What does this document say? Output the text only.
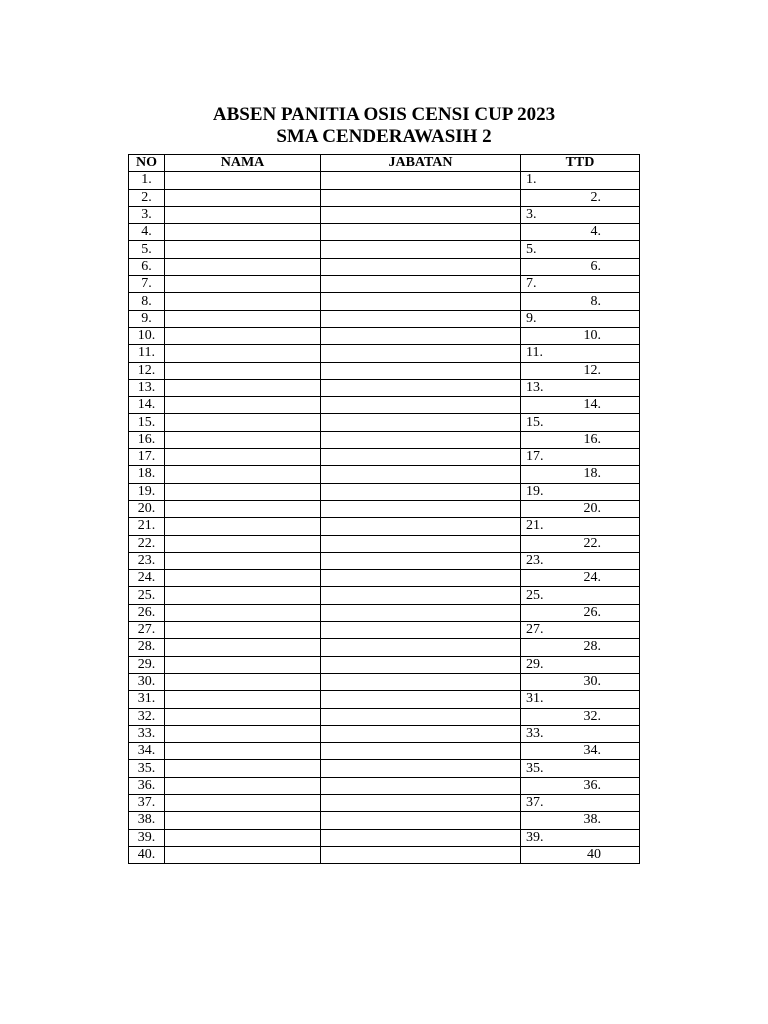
ABSEN PANITIA OSIS CENSI CUP 2023
SMA CENDERAWASIH 2
NO	NAMA	JABATAN	TTD
1.			1.
2.			2.
3.			3.
4.			4.
5.			5.
6.			6.
7.			7.
8.			8.
9.			9.
10.			10.
11.			11.
12.			12.
13.			13.
14.			14.
15.			15.
16.			16.
17.			17.
18.			18.
19.			19.
20.			20.
21.			21.
22.			22.
23.			23.
24.			24.
25.			25.
26.			26.
27.			27.
28.			28.
29.			29.
30.			30.
31.			31.
32.			32.
33.			33.
34.			34.
35.			35.
36.			36.
37.			37.
38.			38.
39.			39.
40.			40
